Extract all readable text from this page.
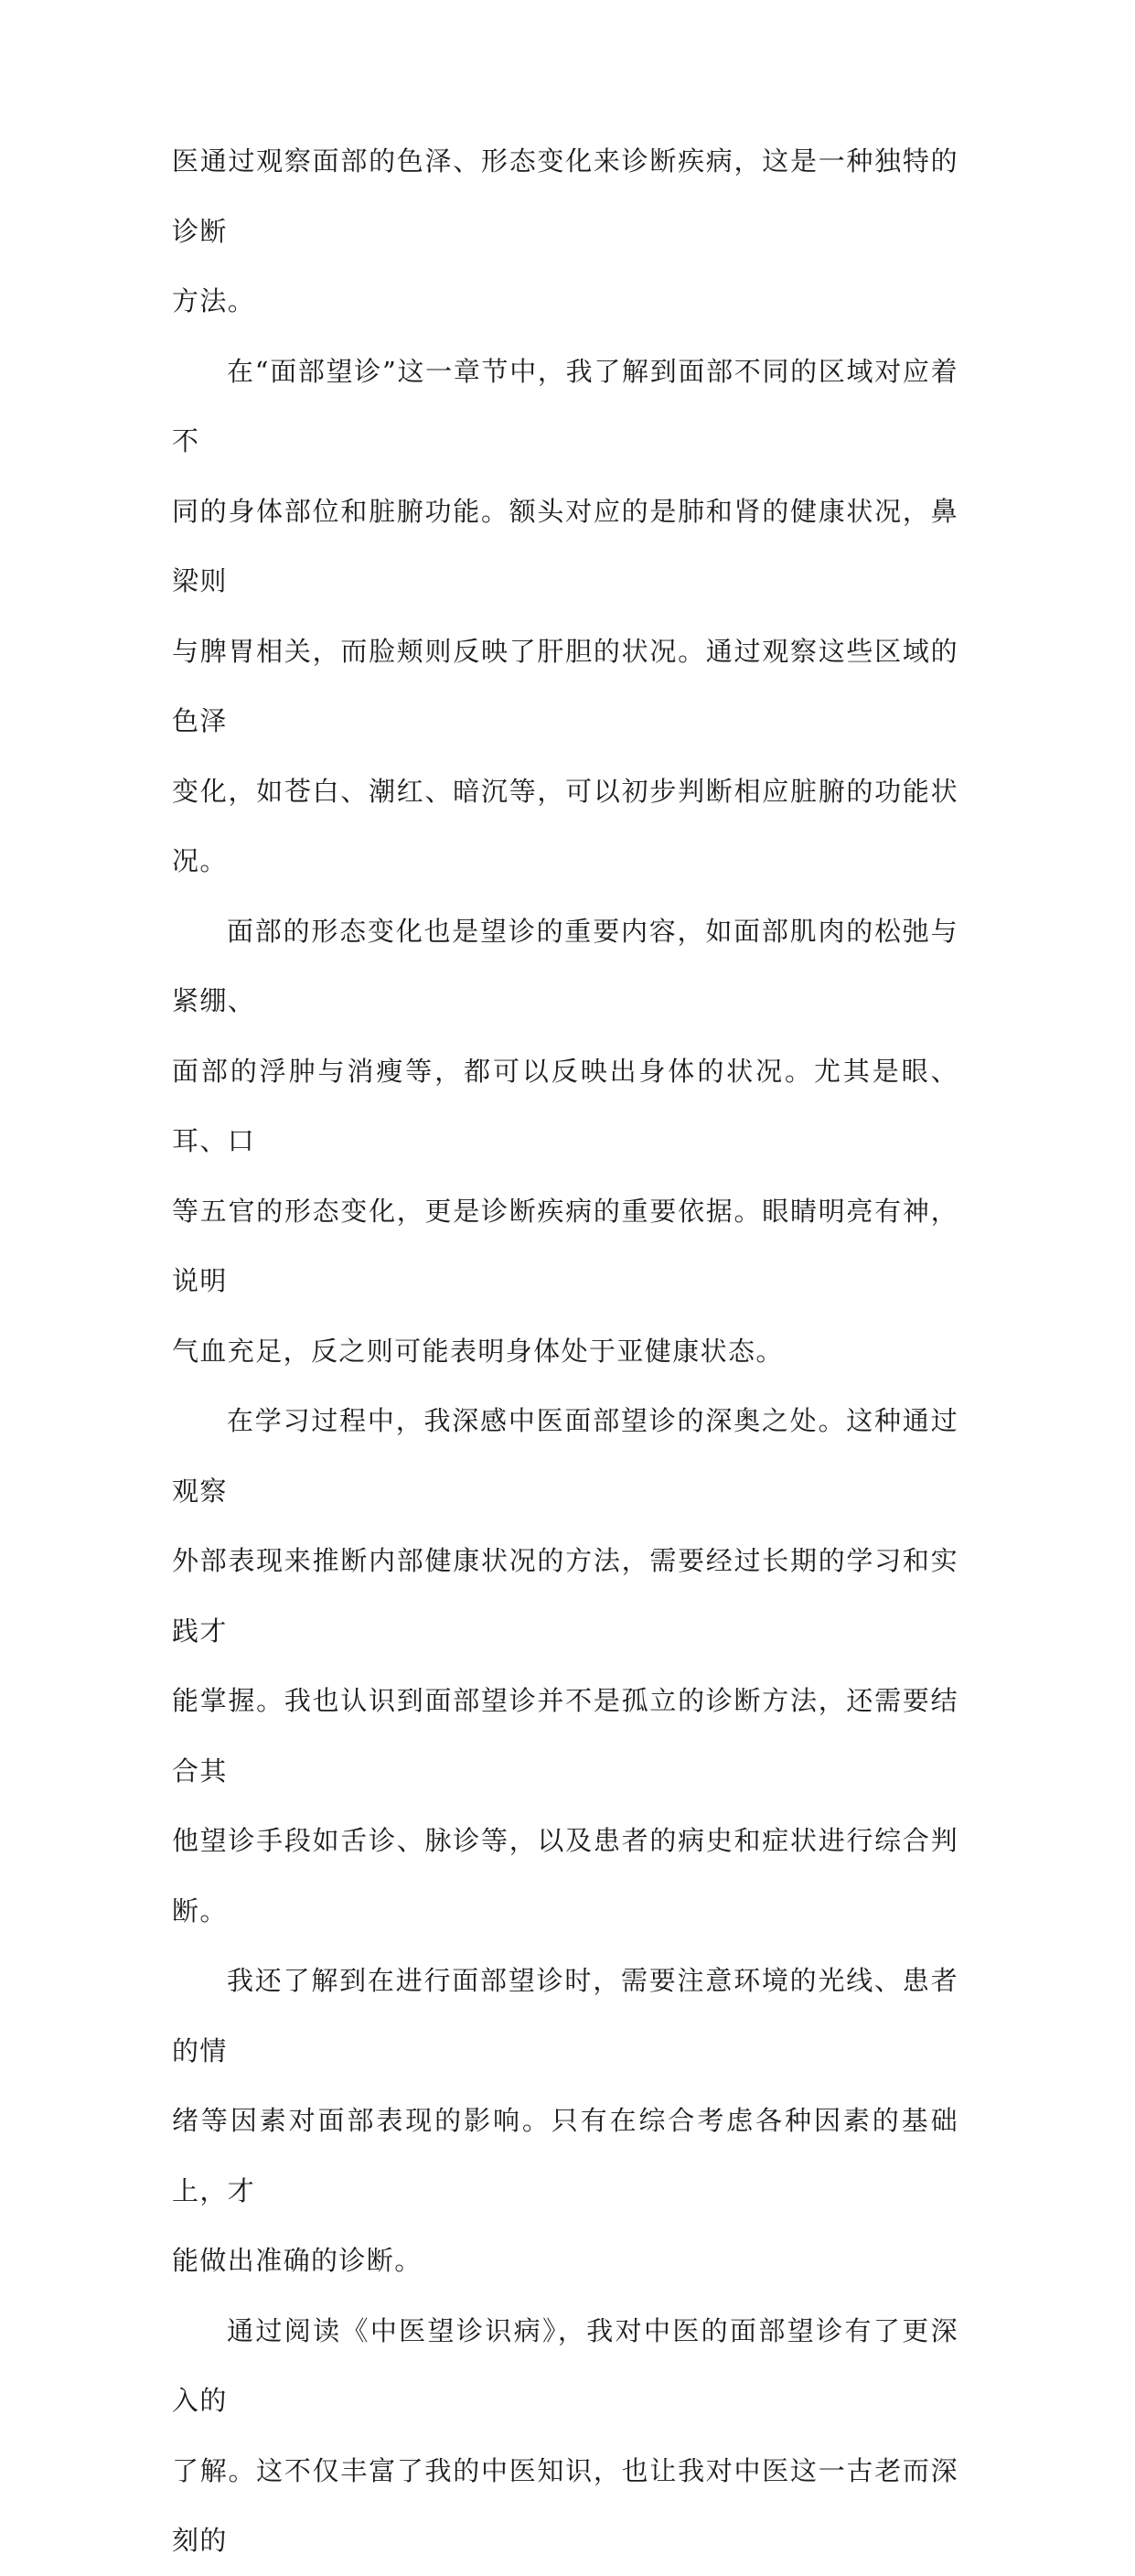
医通过观察面部的色泽、形态变化来诊断疾病，这是一种独特的诊断
方法。

在“面部望诊”这一章节中，我了解到面部不同的区域对应着不
同的身体部位和脏腑功能。额头对应的是肺和肾的健康状况，鼻梁则
与脾胃相关，而脸颊则反映了肝胆的状况。通过观察这些区域的色泽
变化，如苍白、潮红、暗沉等，可以初步判断相应脏腑的功能状况。

面部的形态变化也是望诊的重要内容，如面部肌肉的松弛与紧绷、
面部的浮肿与消瘦等，都可以反映出身体的状况。尤其是眼、耳、口
等五官的形态变化，更是诊断疾病的重要依据。眼睛明亮有神，说明
气血充足，反之则可能表明身体处于亚健康状态。

在学习过程中，我深感中医面部望诊的深奥之处。这种通过观察
外部表现来推断内部健康状况的方法，需要经过长期的学习和实践才
能掌握。我也认识到面部望诊并不是孤立的诊断方法，还需要结合其
他望诊手段如舌诊、脉诊等，以及患者的病史和症状进行综合判断。

我还了解到在进行面部望诊时，需要注意环境的光线、患者的情
绪等因素对面部表现的影响。只有在综合考虑各种因素的基础上，才
能做出准确的诊断。

通过阅读《中医望诊识病》，我对中医的面部望诊有了更深入的
了解。这不仅丰富了我的中医知识，也让我对中医这一古老而深刻的
